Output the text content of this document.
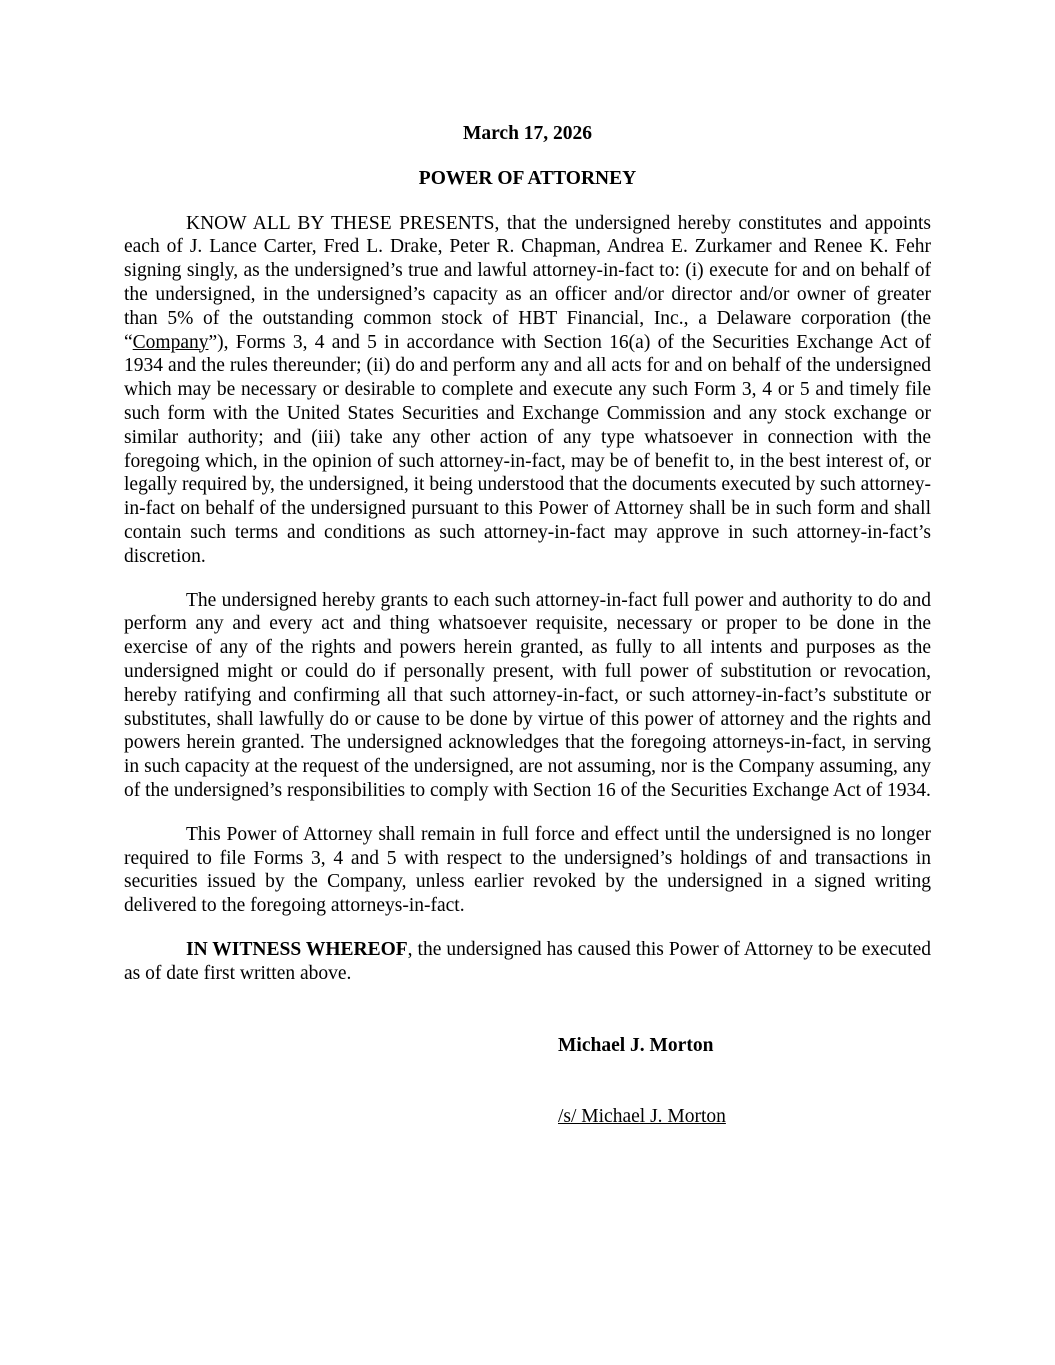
March 17, 2026
POWER OF ATTORNEY

KNOW ALL BY THESE PRESENTS, that the undersigned hereby constitutes and appoints each of J. Lance Carter, Fred L. Drake, Peter R. Chapman, Andrea E. Zurkamer and Renee K. Fehr signing singly, as the undersigned’s true and lawful attorney-in-fact to: (i) execute for and on behalf of the undersigned, in the undersigned’s capacity as an officer and/or director and/or owner of greater than 5% of the outstanding common stock of HBT Financial, Inc., a Delaware corporation (the “Company”), Forms 3, 4 and 5 in accordance with Section 16(a) of the Securities Exchange Act of 1934 and the rules thereunder; (ii) do and perform any and all acts for and on behalf of the undersigned which may be necessary or desirable to complete and execute any such Form 3, 4 or 5 and timely file such form with the United States Securities and Exchange Commission and any stock exchange or similar authority; and (iii) take any other action of any type whatsoever in connection with the foregoing which, in the opinion of such attorney-in-fact, may be of benefit to, in the best interest of, or legally required by, the undersigned, it being understood that the documents executed by such attorney-in-fact on behalf of the undersigned pursuant to this Power of Attorney shall be in such form and shall contain such terms and conditions as such attorney-in-fact may approve in such attorney-in-fact’s discretion.

The undersigned hereby grants to each such attorney-in-fact full power and authority to do and perform any and every act and thing whatsoever requisite, necessary or proper to be done in the exercise of any of the rights and powers herein granted, as fully to all intents and purposes as the undersigned might or could do if personally present, with full power of substitution or revocation, hereby ratifying and confirming all that such attorney-in-fact, or such attorney-in-fact’s substitute or substitutes, shall lawfully do or cause to be done by virtue of this power of attorney and the rights and powers herein granted. The undersigned acknowledges that the foregoing attorneys-in-fact, in serving in such capacity at the request of the undersigned, are not assuming, nor is the Company assuming, any of the undersigned’s responsibilities to comply with Section 16 of the Securities Exchange Act of 1934.

This Power of Attorney shall remain in full force and effect until the undersigned is no longer required to file Forms 3, 4 and 5 with respect to the undersigned’s holdings of and transactions in securities issued by the Company, unless earlier revoked by the undersigned in a signed writing delivered to the foregoing attorneys-in-fact.

IN WITNESS WHEREOF, the undersigned has caused this Power of Attorney to be executed as of date first written above.

Michael J. Morton
/s/ Michael J. Morton
